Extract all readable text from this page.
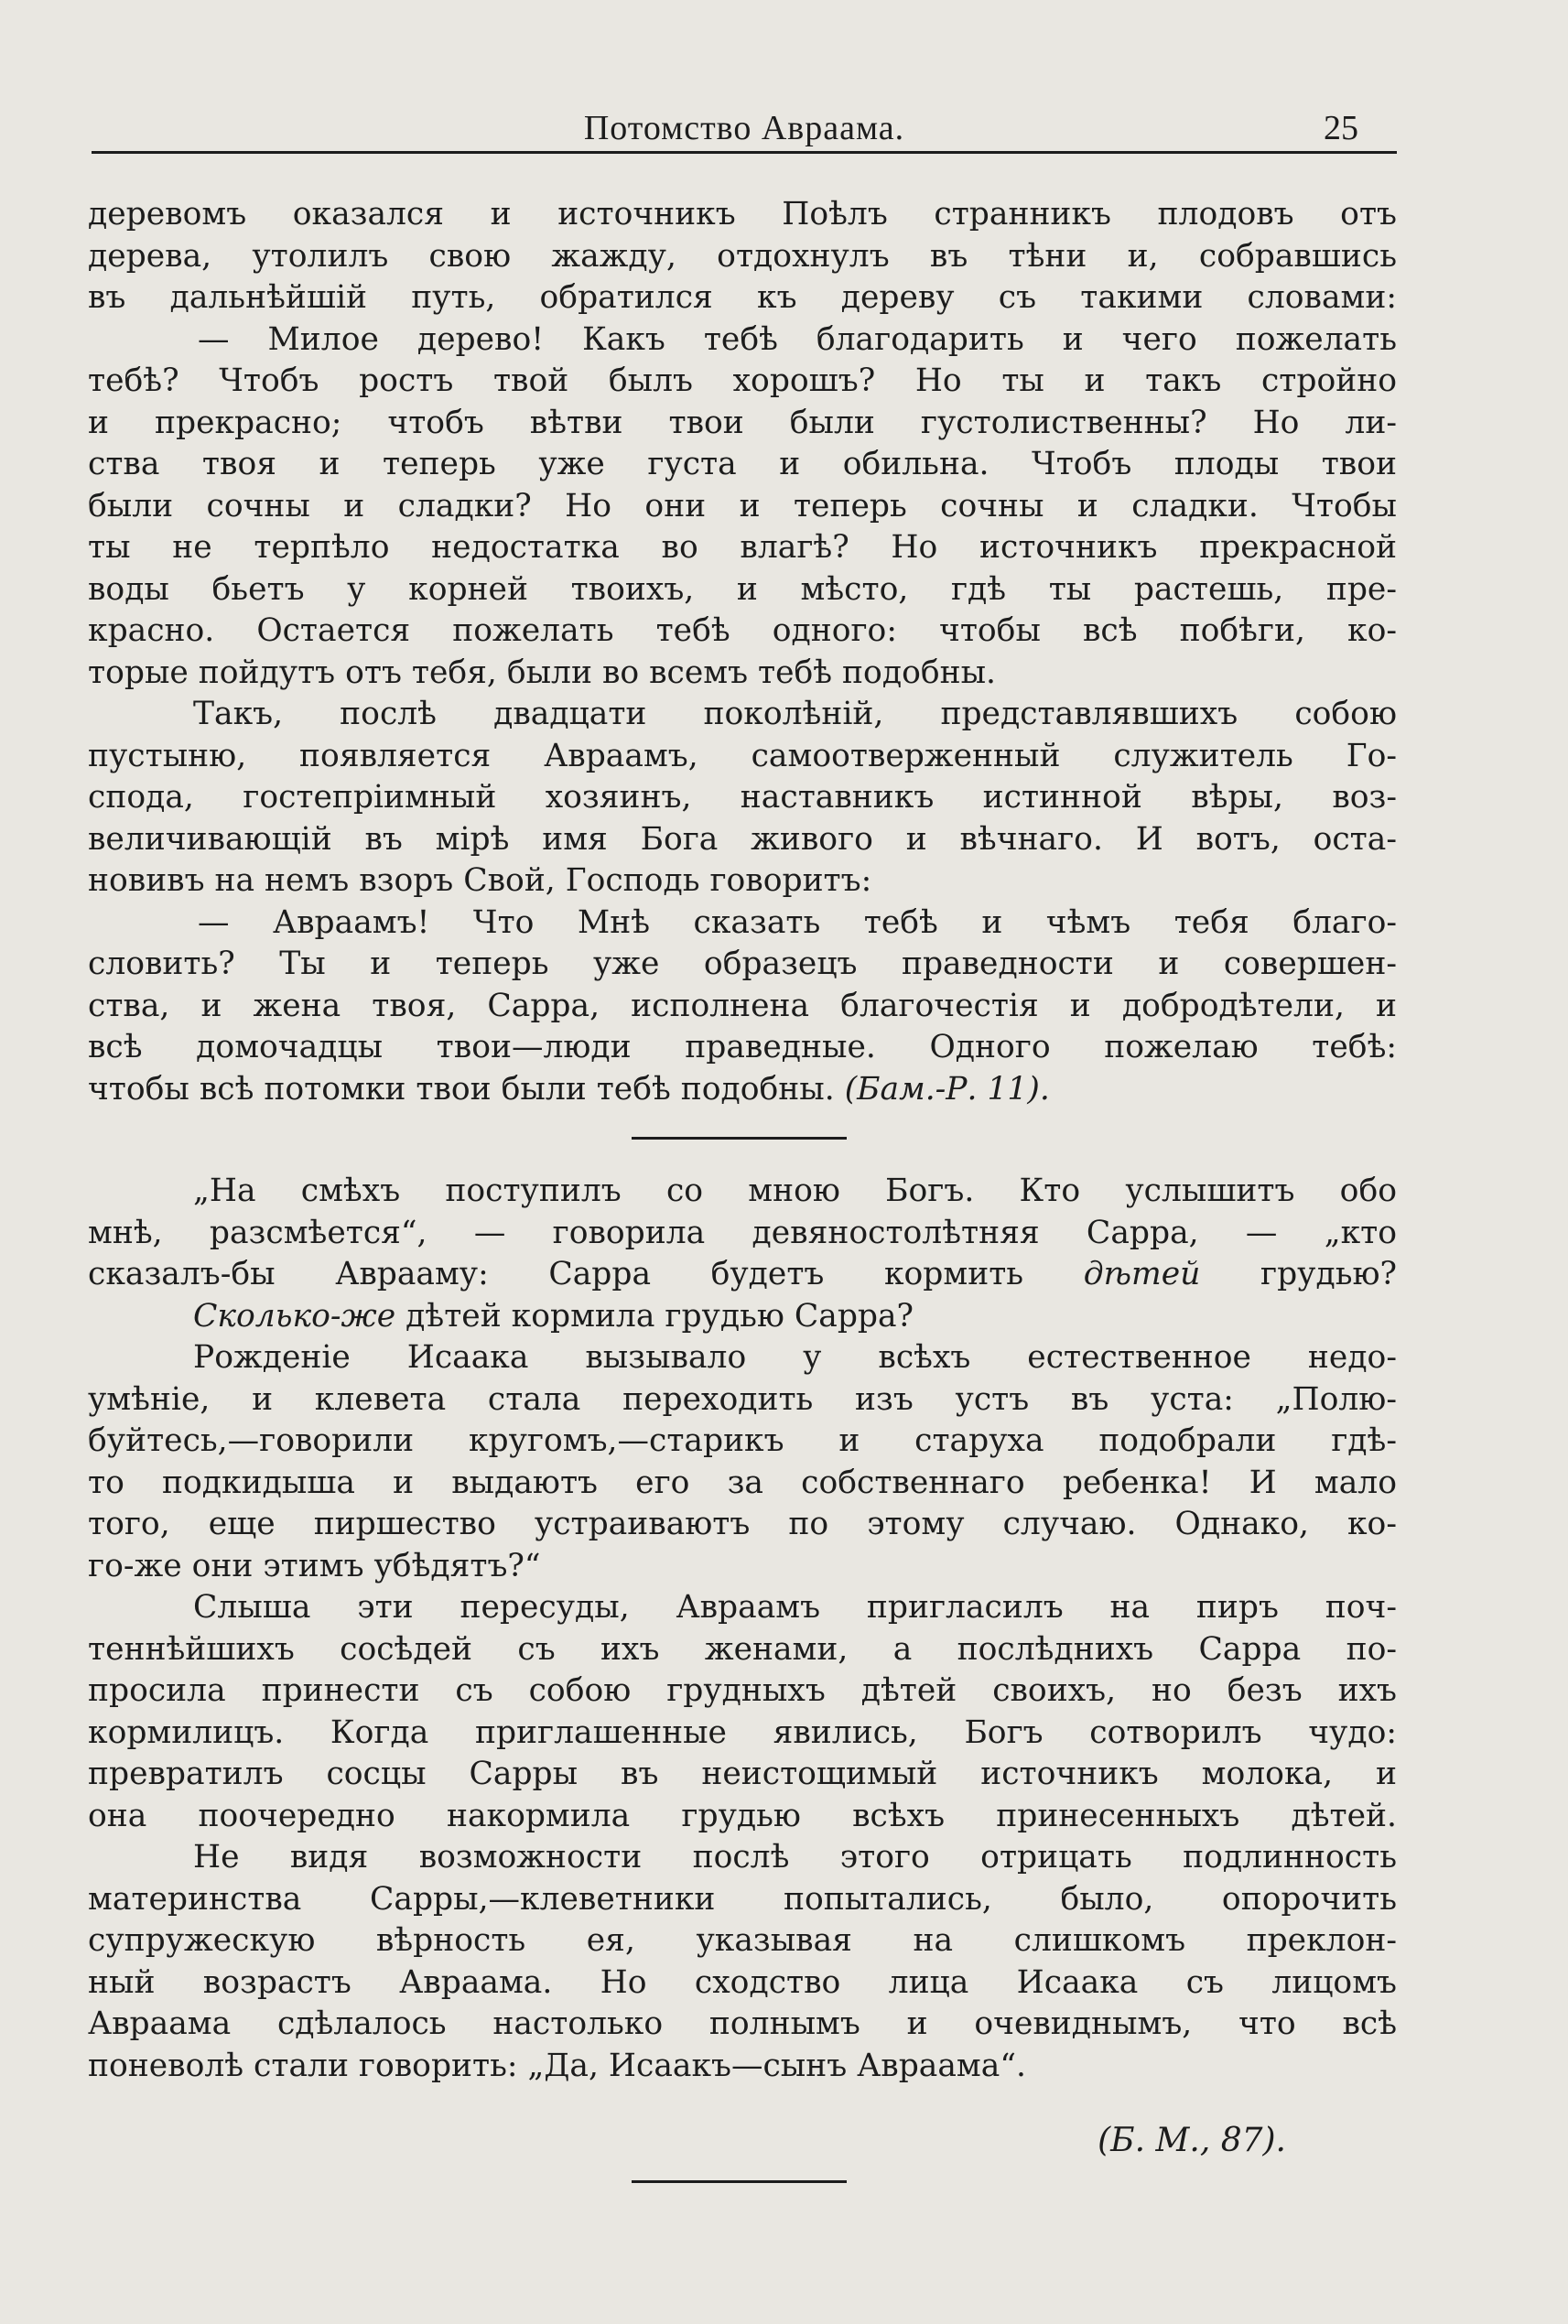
Потомство Авраама.	25
деревомъ оказался и источникъ Поѣлъ странникъ плодовъ отъ
дерева, утолилъ свою жажду, отдохнулъ въ тѣни и, собравшись
въ дальнѣйшій путь, обратился къ дереву съ такими словами:
— Милое дерево! Какъ тебѣ благодарить и чего пожелать
тебѣ? Чтобъ ростъ твой былъ хорошъ? Но ты и такъ стройно
и прекрасно; чтобъ вѣтви твои были густолиственны? Но ли-
ства твоя и теперь уже густа и обильна. Чтобъ плоды твои
были сочны и сладки? Но они и теперь сочны и сладки. Чтобы
ты не терпѣло недостатка во влагѣ? Но источникъ прекрасной
воды бьетъ у корней твоихъ, и мѣсто, гдѣ ты растешь, пре-
красно. Остается пожелать тебѣ одного: чтобы всѣ побѣги, ко-
торые пойдутъ отъ тебя, были во всемъ тебѣ подобны.
Такъ, послѣ двадцати поколѣній, представлявшихъ собою
пустыню, появляется Авраамъ, самоотверженный служитель Го-
спода, гостепріимный хозяинъ, наставникъ истинной вѣры, воз-
величивающій въ мірѣ имя Бога живого и вѣчнаго. И вотъ, оста-
новивъ на немъ взоръ Свой, Господь говоритъ:
— Авраамъ! Что Мнѣ сказать тебѣ и чѣмъ тебя благо-
словить? Ты и теперь уже образецъ праведности и совершен-
ства, и жена твоя, Сарра, исполнена благочестія и добродѣтели, и
всѣ домочадцы твои—люди праведные. Одного пожелаю тебѣ:
чтобы всѣ потомки твои были тебѣ подобны. (Бам.-Р. 11).
„На смѣхъ поступилъ со мною Богъ. Кто услышитъ обо
мнѣ, разсмѣется“, — говорила девяностолѣтняя Сарра, — „кто
сказалъ-бы Аврааму: Сарра будетъ кормить дѣтей грудью?
Сколько-же дѣтей кормила грудью Сарра?
Рожденіе Исаака вызывало у всѣхъ естественное недо-
умѣніе, и клевета стала переходить изъ устъ въ уста: „Полю-
буйтесь,—говорили кругомъ,—старикъ и старуха подобрали гдѣ-
то подкидыша и выдаютъ его за собственнаго ребенка! И мало
того, еще пиршество устраиваютъ по этому случаю. Однако, ко-
го-же они этимъ убѣдятъ?“
Слыша эти пересуды, Авраамъ пригласилъ на пиръ поч-
теннѣйшихъ сосѣдей съ ихъ женами, а послѣднихъ Сарра по-
просила принести съ собою грудныхъ дѣтей своихъ, но безъ ихъ
кормилицъ. Когда приглашенные явились, Богъ сотворилъ чудо:
превратилъ сосцы Сарры въ неистощимый источникъ молока, и
она поочередно накормила грудью всѣхъ принесенныхъ дѣтей.
Не видя возможности послѣ этого отрицать подлинность
материнства Сарры,—клеветники попытались, было, опорочить
супружескую вѣрность ея, указывая на слишкомъ преклон-
ный возрастъ Авраама. Но сходство лица Исаака съ лицомъ
Авраама сдѣлалось настолько полнымъ и очевиднымъ, что всѣ
поневолѣ стали говорить: „Да, Исаакъ—сынъ Авраама“.
(Б. М., 87).
